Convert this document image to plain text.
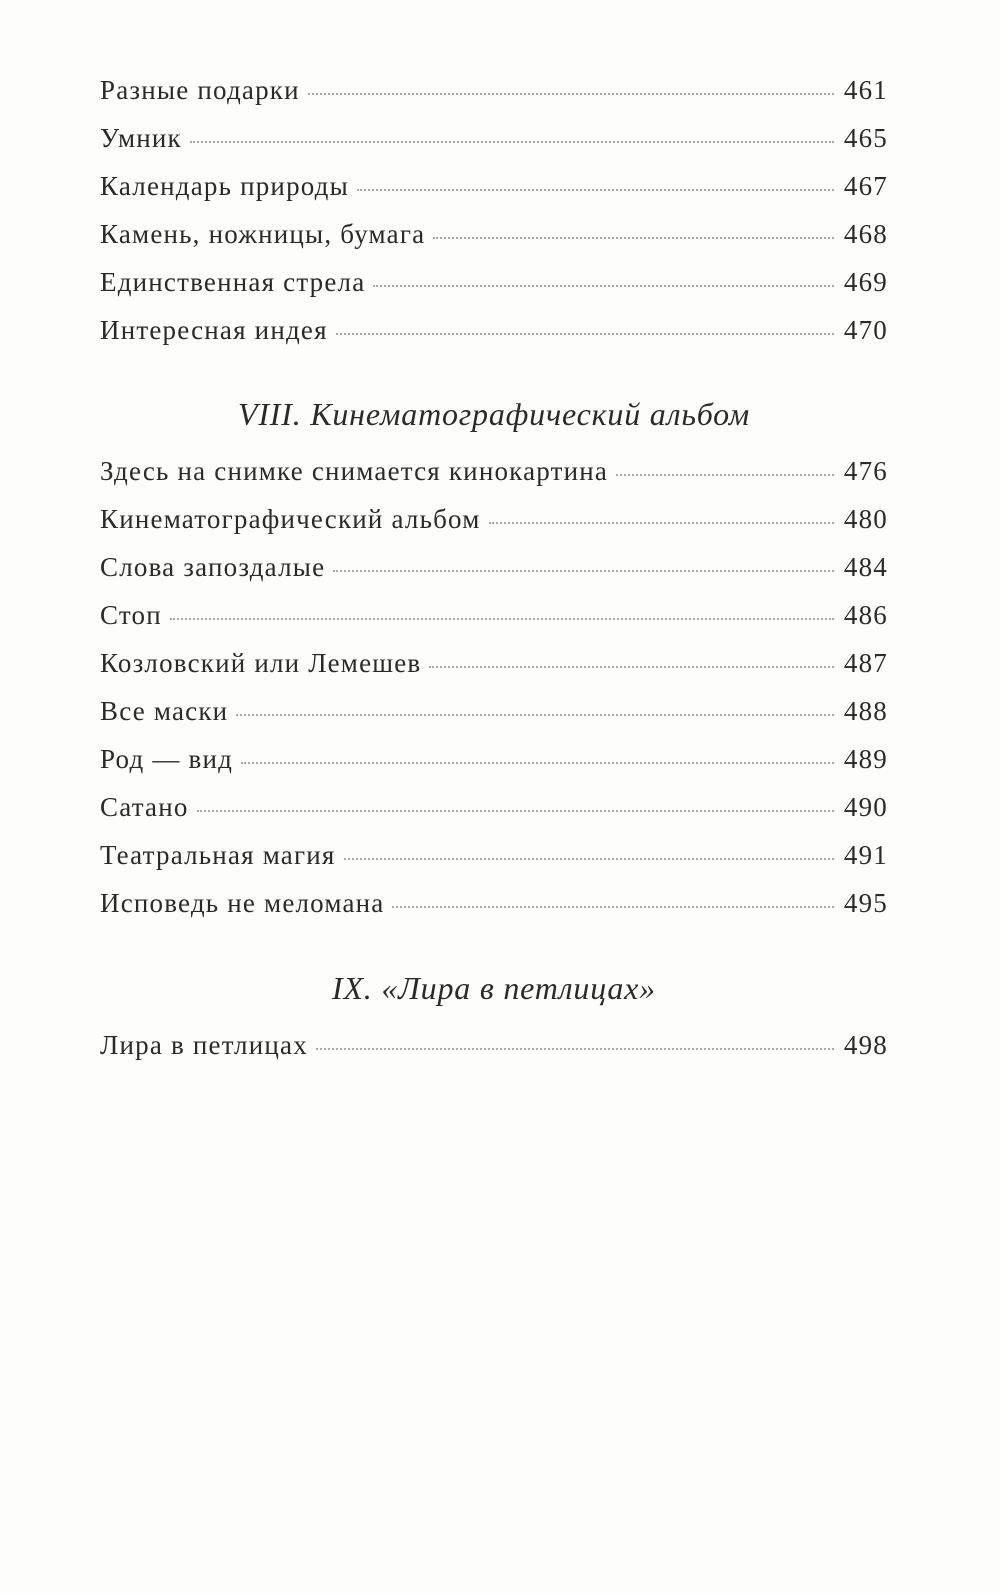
Разные подарки	461
Умник	465
Календарь природы	467
Камень, ножницы, бумага	468
Единственная стрела	469
Интересная индея	470
VIII. Кинематографический альбом
Здесь на снимке снимается кинокартина	476
Кинематографический альбом	480
Слова запоздалые	484
Стоп	486
Козловский или Лемешев	487
Все маски	488
Род — вид	489
Сатано	490
Театральная магия	491
Исповедь не меломана	495
IX. «Лира в петлицах»
Лира в петлицах	498
